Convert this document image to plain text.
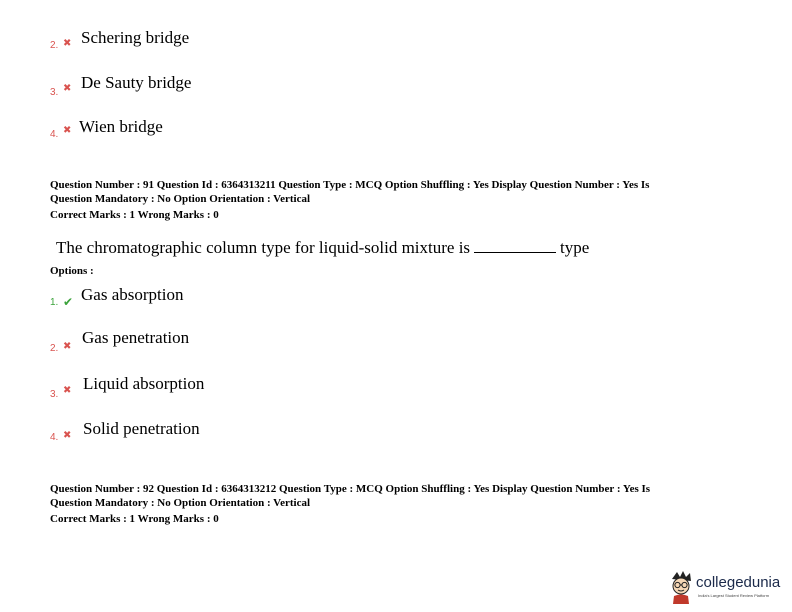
2. ✖ Schering bridge
3. ✖ De Sauty bridge
4. ✖ Wien bridge
Question Number : 91 Question Id : 6364313211 Question Type : MCQ Option Shuffling : Yes Display Question Number : Yes Is
Question Mandatory : No Option Orientation : Vertical
Correct Marks : 1 Wrong Marks : 0
The chromatographic column type for liquid-solid mixture is	type
Options :
1. ✔ Gas absorption
2. ✖ Gas penetration
3. ✖ Liquid absorption
4. ✖ Solid penetration
Question Number : 92 Question Id : 6364313212 Question Type : MCQ Option Shuffling : Yes Display Question Number : Yes Is
Question Mandatory : No Option Orientation : Vertical
Correct Marks : 1 Wrong Marks : 0
collegedunia
India's Largest Student Review Platform
